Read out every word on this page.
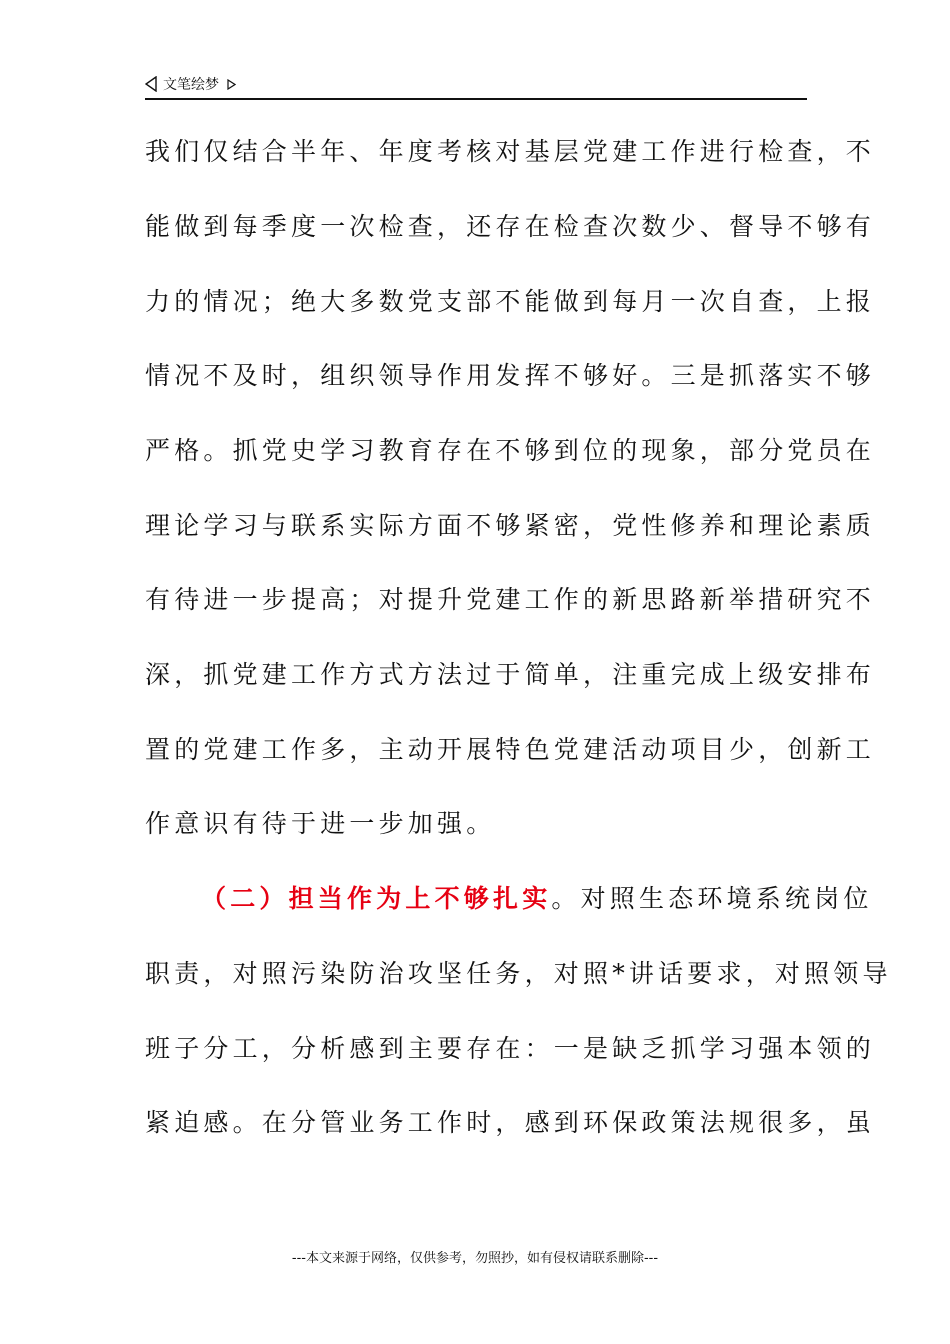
文笔绘梦
我们仅结合半年、年度考核对基层党建工作进行检查，不
能做到每季度一次检查，还存在检查次数少、督导不够有
力的情况；绝大多数党支部不能做到每月一次自查，上报
情况不及时，组织领导作用发挥不够好。三是抓落实不够
严格。抓党史学习教育存在不够到位的现象，部分党员在
理论学习与联系实际方面不够紧密，党性修养和理论素质
有待进一步提高；对提升党建工作的新思路新举措研究不
深，抓党建工作方式方法过于简单，注重完成上级安排布
置的党建工作多，主动开展特色党建活动项目少，创新工
作意识有待于进一步加强。
（二）担当作为上不够扎实。对照生态环境系统岗位
职责，对照污染防治攻坚任务，对照*讲话要求，对照领导
班子分工，分析感到主要存在：一是缺乏抓学习强本领的
紧迫感。在分管业务工作时，感到环保政策法规很多，虽
---本文来源于网络，仅供参考，勿照抄，如有侵权请联系删除---
